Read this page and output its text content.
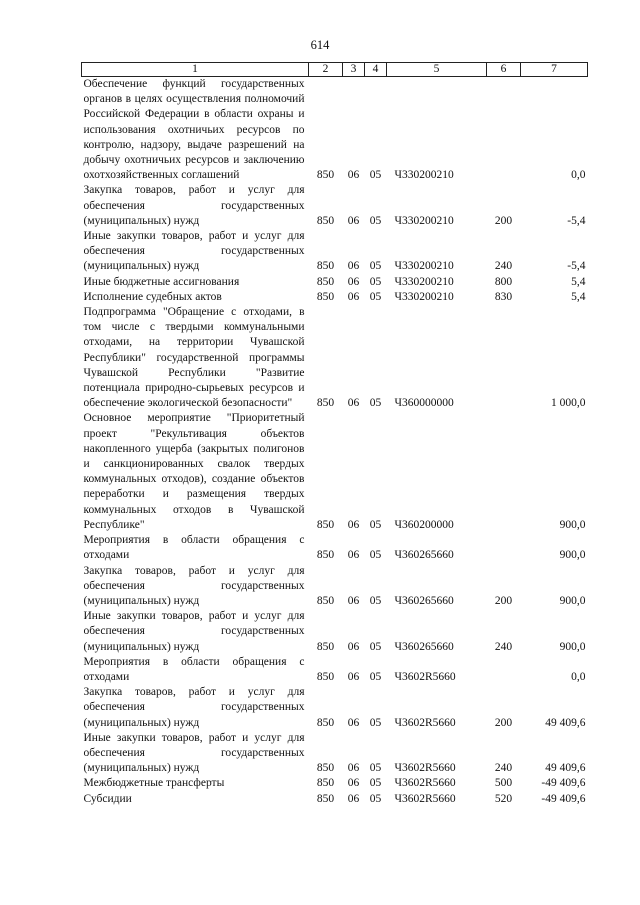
614
1	2	3	4	5	6	7
Обеспечение функций государственных органов в целях осуществления полномочий Российской Федерации в области охраны и использования охотничьих ресурсов по контролю, надзору, выдаче разрешений на добычу охотничьих ресурсов и заключению охотхозяйственных соглашений	850	06	05	Ч330200210		0,0
Закупка товаров, работ и услуг для обеспечения государственных (муниципальных) нужд	850	06	05	Ч330200210	200	-5,4
Иные закупки товаров, работ и услуг для обеспечения государственных (муниципальных) нужд	850	06	05	Ч330200210	240	-5,4
Иные бюджетные ассигнования	850	06	05	Ч330200210	800	5,4
Исполнение судебных актов	850	06	05	Ч330200210	830	5,4
Подпрограмма "Обращение с отходами, в том числе с твердыми коммунальными отходами, на территории Чувашской Республики" государственной программы Чувашской Республики "Развитие потенциала природно-сырьевых ресурсов и обеспечение экологической безопасности"	850	06	05	Ч360000000		1 000,0
Основное мероприятие "Приоритетный проект "Рекультивация объектов накопленного ущерба (закрытых полигонов и санкционированных свалок твердых коммунальных отходов), создание объектов переработки и размещения твердых коммунальных отходов в Чувашской Республике"	850	06	05	Ч360200000		900,0
Мероприятия в области обращения с отходами	850	06	05	Ч360265660		900,0
Закупка товаров, работ и услуг для обеспечения государственных (муниципальных) нужд	850	06	05	Ч360265660	200	900,0
Иные закупки товаров, работ и услуг для обеспечения государственных (муниципальных) нужд	850	06	05	Ч360265660	240	900,0
Мероприятия в области обращения с отходами	850	06	05	Ч3602R5660		0,0
Закупка товаров, работ и услуг для обеспечения государственных (муниципальных) нужд	850	06	05	Ч3602R5660	200	49 409,6
Иные закупки товаров, работ и услуг для обеспечения государственных (муниципальных) нужд	850	06	05	Ч3602R5660	240	49 409,6
Межбюджетные трансферты	850	06	05	Ч3602R5660	500	-49 409,6
Субсидии	850	06	05	Ч3602R5660	520	-49 409,6
